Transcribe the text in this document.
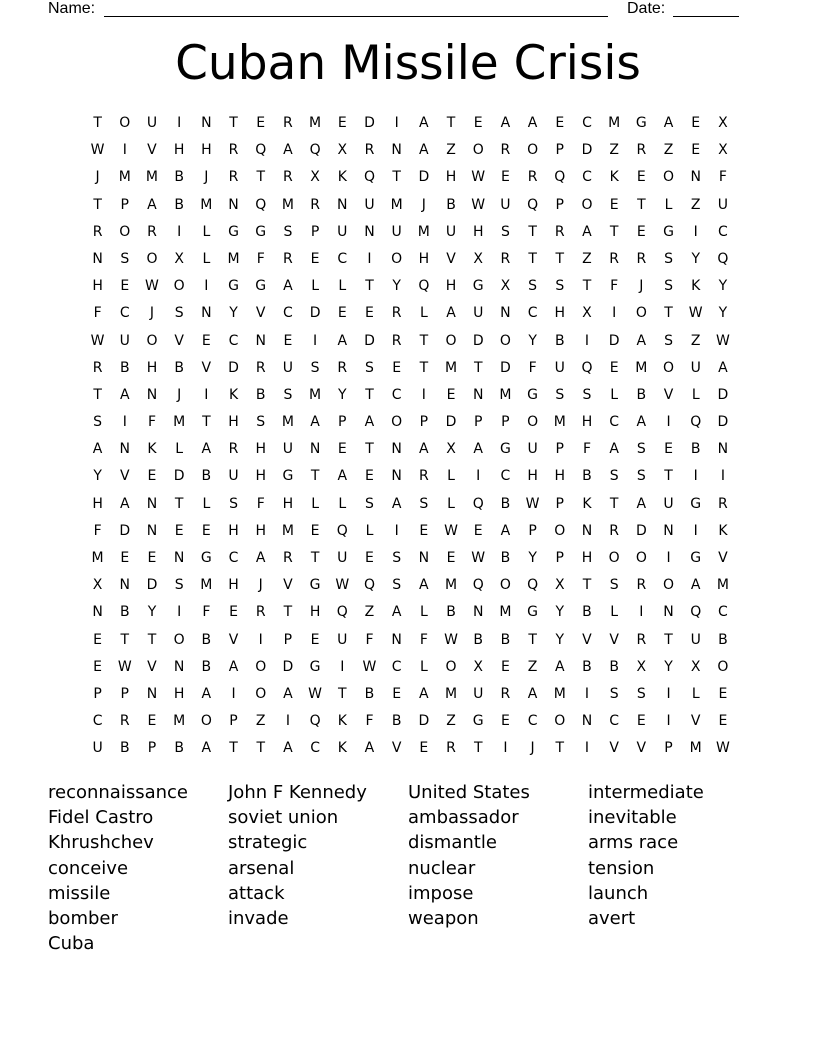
Name:	Date:
Cuban Missile Crisis
T O U I N T E R M E D I A T E A A E C M G A E X
W I V H H R Q A Q X R N A Z O R O P D Z R Z E X
J M M B J R T R X K Q T D H W E R Q C K E O N F
T P A B M N Q M R N U M J B W U Q P O E T L Z U
R O R I L G G S P U N U M U H S T R A T E G I C
N S O X L M F R E C I O H V X R T T Z R R S Y Q
H E W O I G G A L L T Y Q H G X S S T F J S K Y
F C J S N Y V C D E E R L A U N C H X I O T W Y
W U O V E C N E I A D R T O D O Y B I D A S Z W
R B H B V D R U S R S E T M T D F U Q E M O U A
T A N J I K B S M Y T C I E N M G S S L B V L D
S I F M T H S M A P A O P D P P O M H C A I Q D
A N K L A R H U N E T N A X A G U P F A S E B N
Y V E D B U H G T A E N R L I C H H B S S T I I
H A N T L S F H L L S A S L Q B W P K T A U G R
F D N E E H H M E Q L I E W E A P O N R D N I K
M E E N G C A R T U E S N E W B Y P H O O I G V
X N D S M H J V G W Q S A M Q O Q X T S R O A M
N B Y I F E R T H Q Z A L B N M G Y B L I N Q C
E T T O B V I P E U F N F W B B T Y V V R T U B
E W V N B A O D G I W C L O X E Z A B B X Y X O
P P N H A I O A W T B E A M U R A M I S S I L E
C R E M O P Z I Q K F B D Z G E C O N C E I V E
U B P B A T T A C K A V E R T I J T I V V P M W
reconnaissance
Fidel Castro
Khrushchev
conceive
missile
bomber
Cuba
John F Kennedy
soviet union
strategic
arsenal
attack
invade
United States
ambassador
dismantle
nuclear
impose
weapon
intermediate
inevitable
arms race
tension
launch
avert
